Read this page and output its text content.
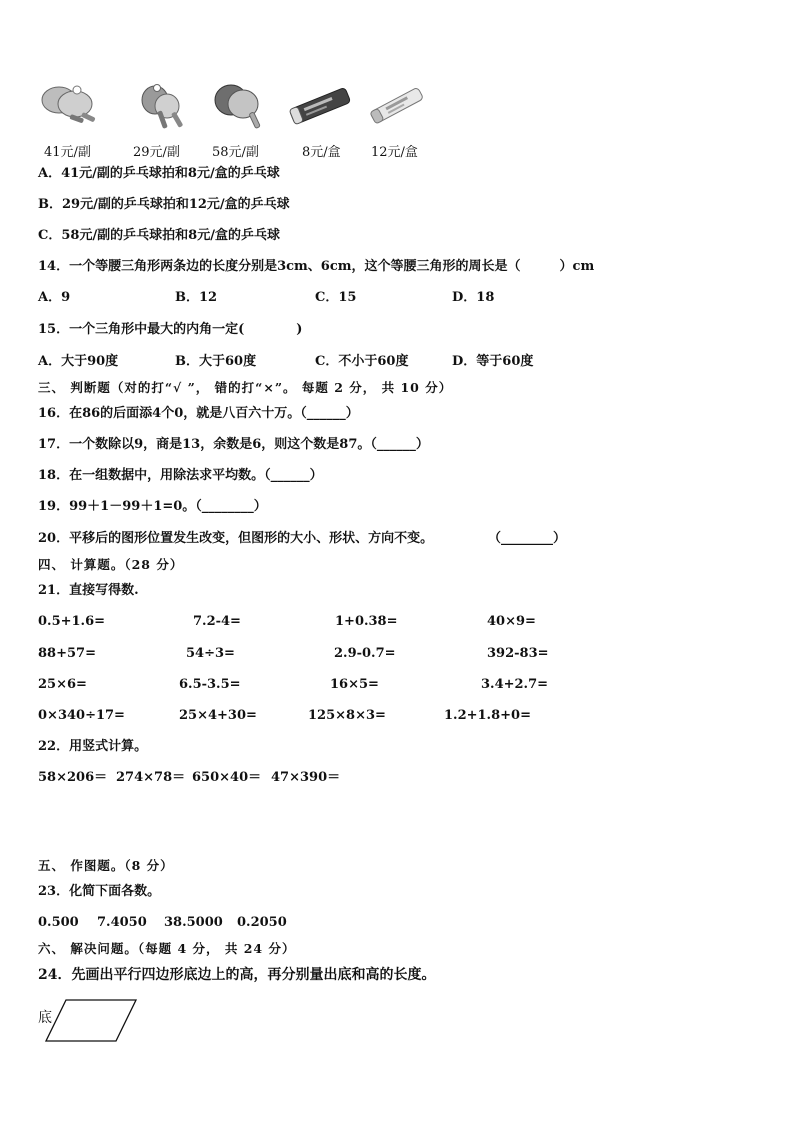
41元/副	29元/副 58元/副	8元/盒 12元/盒
A．41元/副的乒乓球拍和8元/盒的乒乓球
B．29元/副的乒乓球拍和12元/盒的乒乓球
C．58元/副的乒乓球拍和8元/盒的乒乓球
14．一个等腰三角形两条边的长度分别是3cm、6cm，这个等腰三角形的周长是（　　　）cm
A．9	B．12	C．15	D．18
15．一个三角形中最大的内角一定(　　　　)
A．大于90度	B．大于60度	C．不小于60度	D．等于60度
三、 判断题（对的打“√ ”， 错的打“×”。 每题 2 分， 共 10 分）
16．在86的后面添4个0，就是八百六十万。（______）
17．一个数除以9，商是13，余数是6，则这个数是87。（______）
18．在一组数据中，用除法求平均数。（______）
19．99＋1－99＋1=0。（________）
20．平移后的图形位置发生改变，但图形的大小、形状、方向不变。	（________）
四、 计算题。（28 分）
21．直接写得数.
0.5+1.6=	7.2-4=	1+0.38=	40×9=
88+57=	54÷3=	2.9-0.7=	392-83=
25×6=	6.5-3.5=	16×5=	3.4+2.7=
0×340÷17=	25×4+30=	125×8×3=	1.2+1.8+0=
22．用竖式计算。
58×206＝ 274×78＝ 650×40＝ 47×390＝
五、 作图题。（8 分）
23．化简下面各数。
0.500 7.4050 38.5000 0.2050
六、 解决问题。（每题 4 分， 共 24 分）
24．先画出平行四边形底边上的高，再分别量出底和高的长度。
底
